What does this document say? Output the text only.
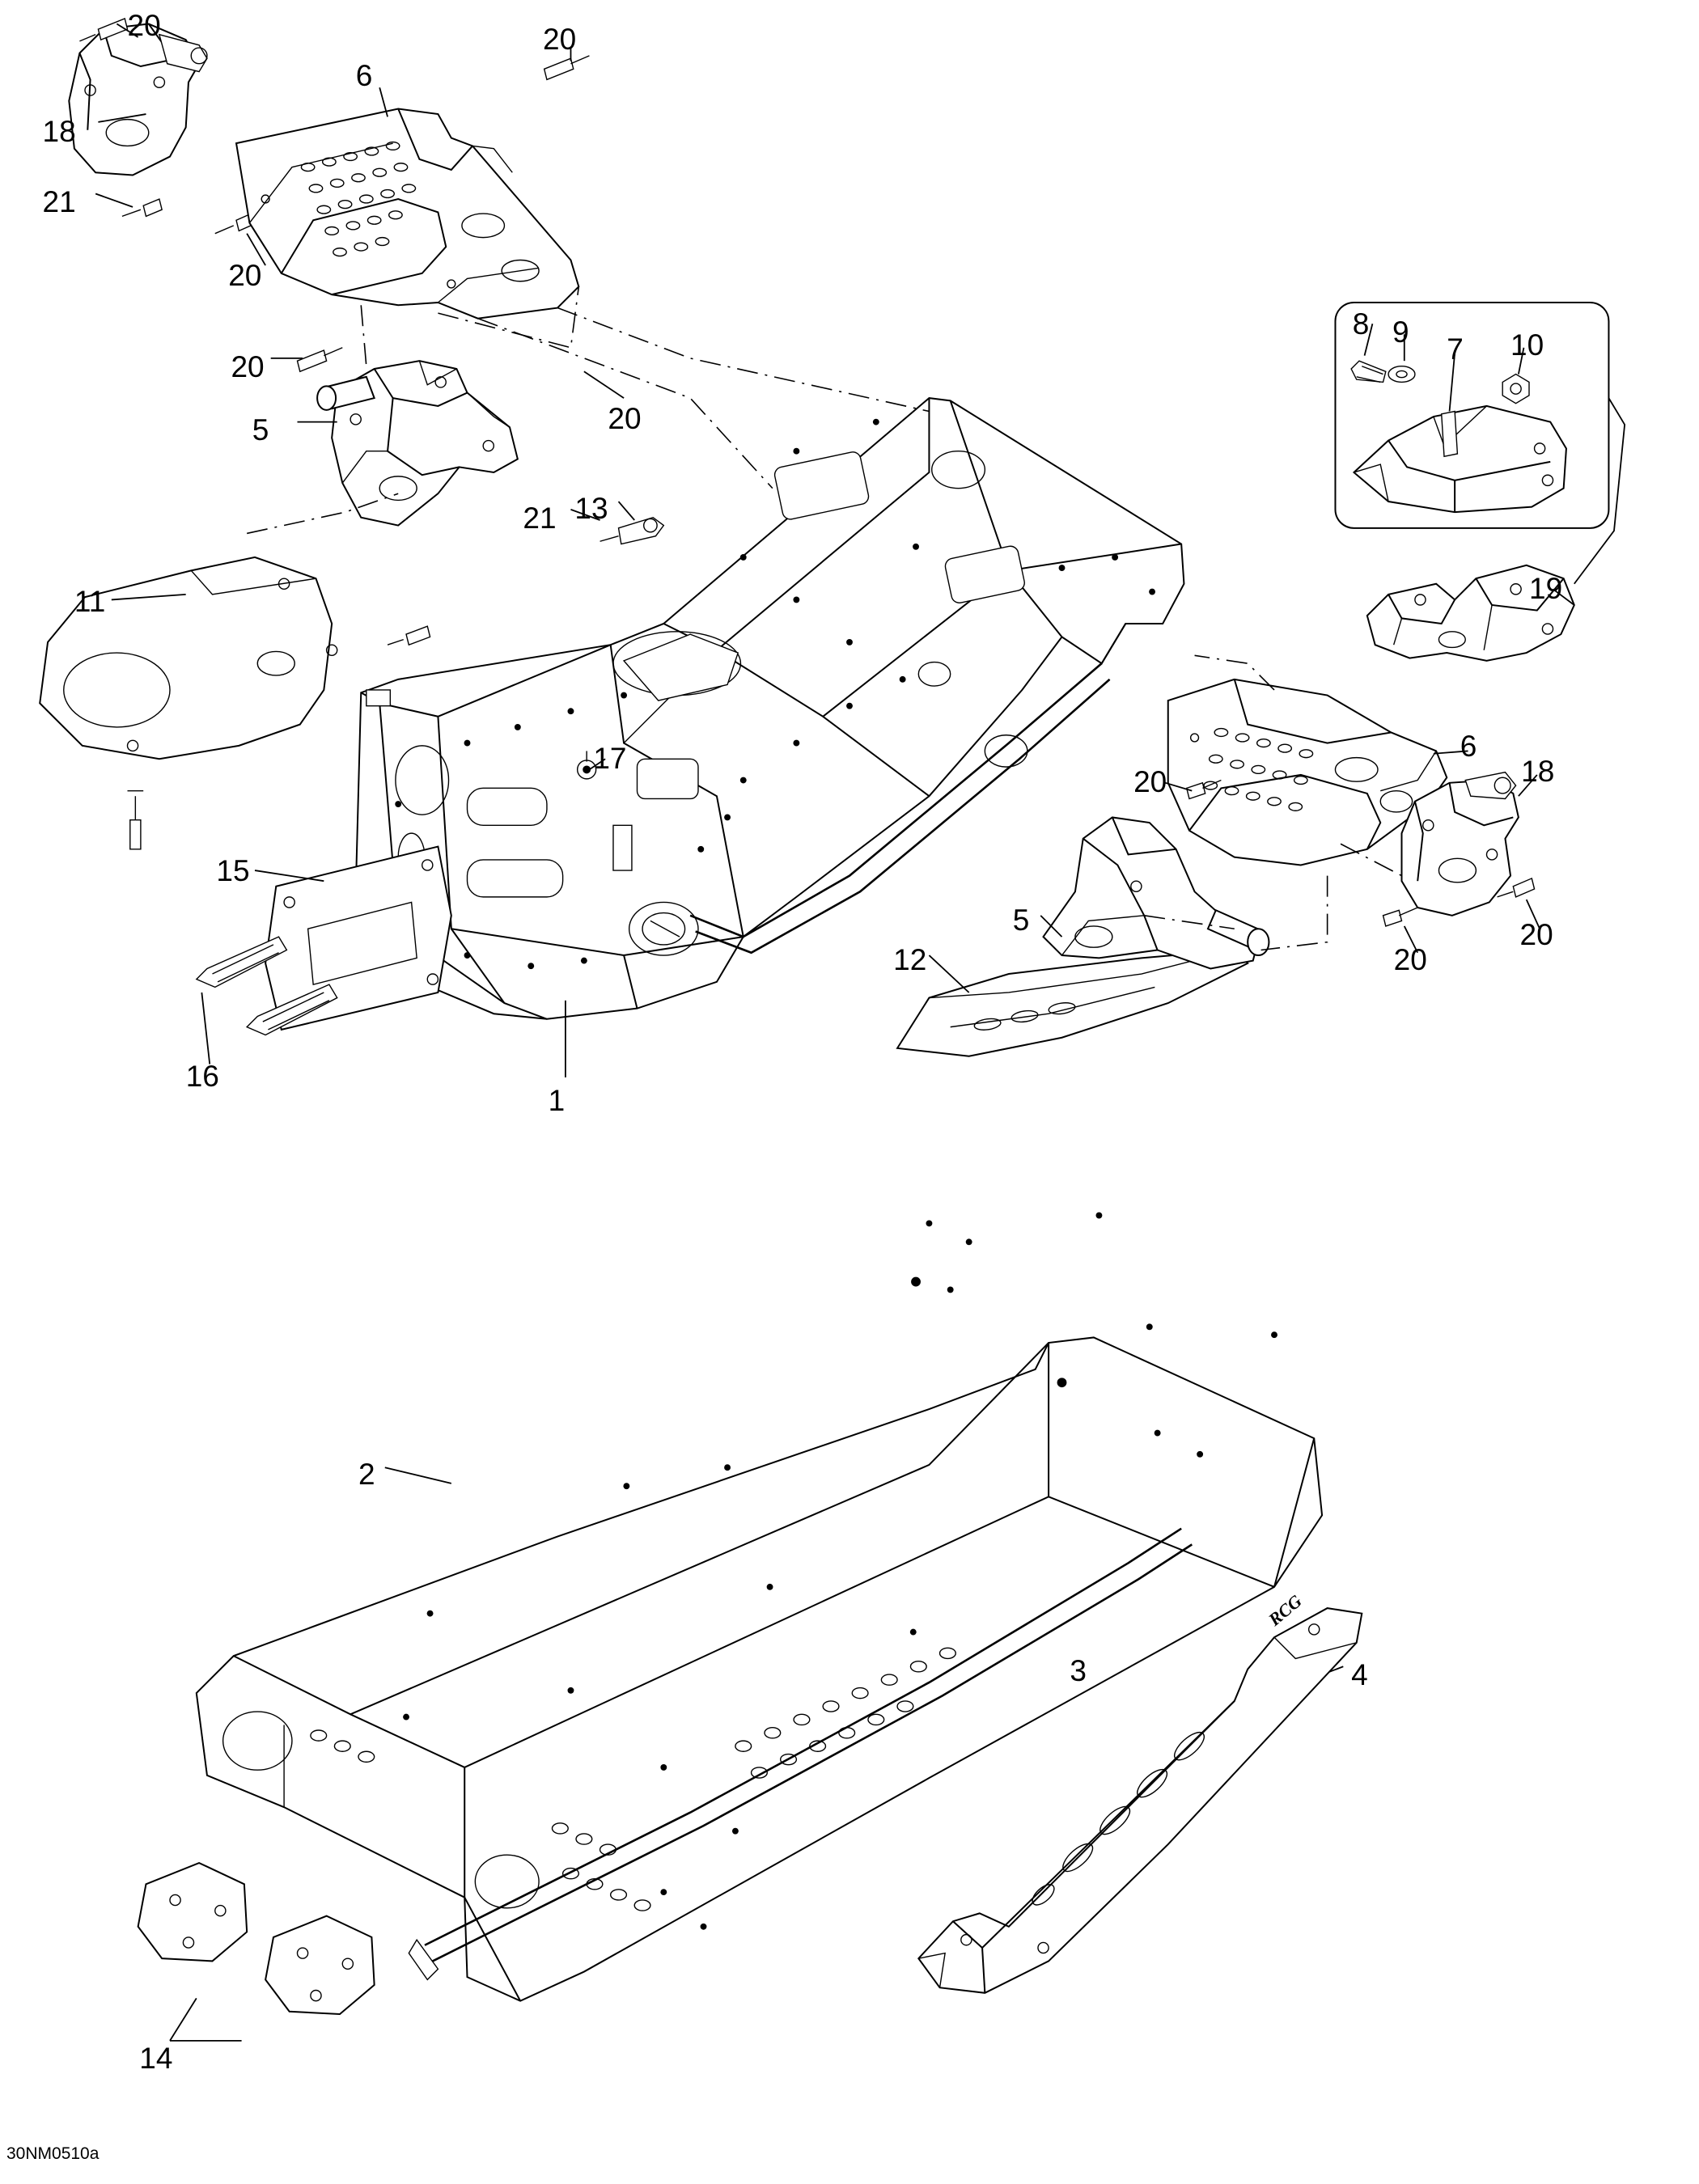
20	20
6
18
21
20
8 9
7 10
20
5	20
21 13
11	19
17	6
18
20
15
20
20
5
12
16
1
2
3	4
14
RCG
30NM0510a
